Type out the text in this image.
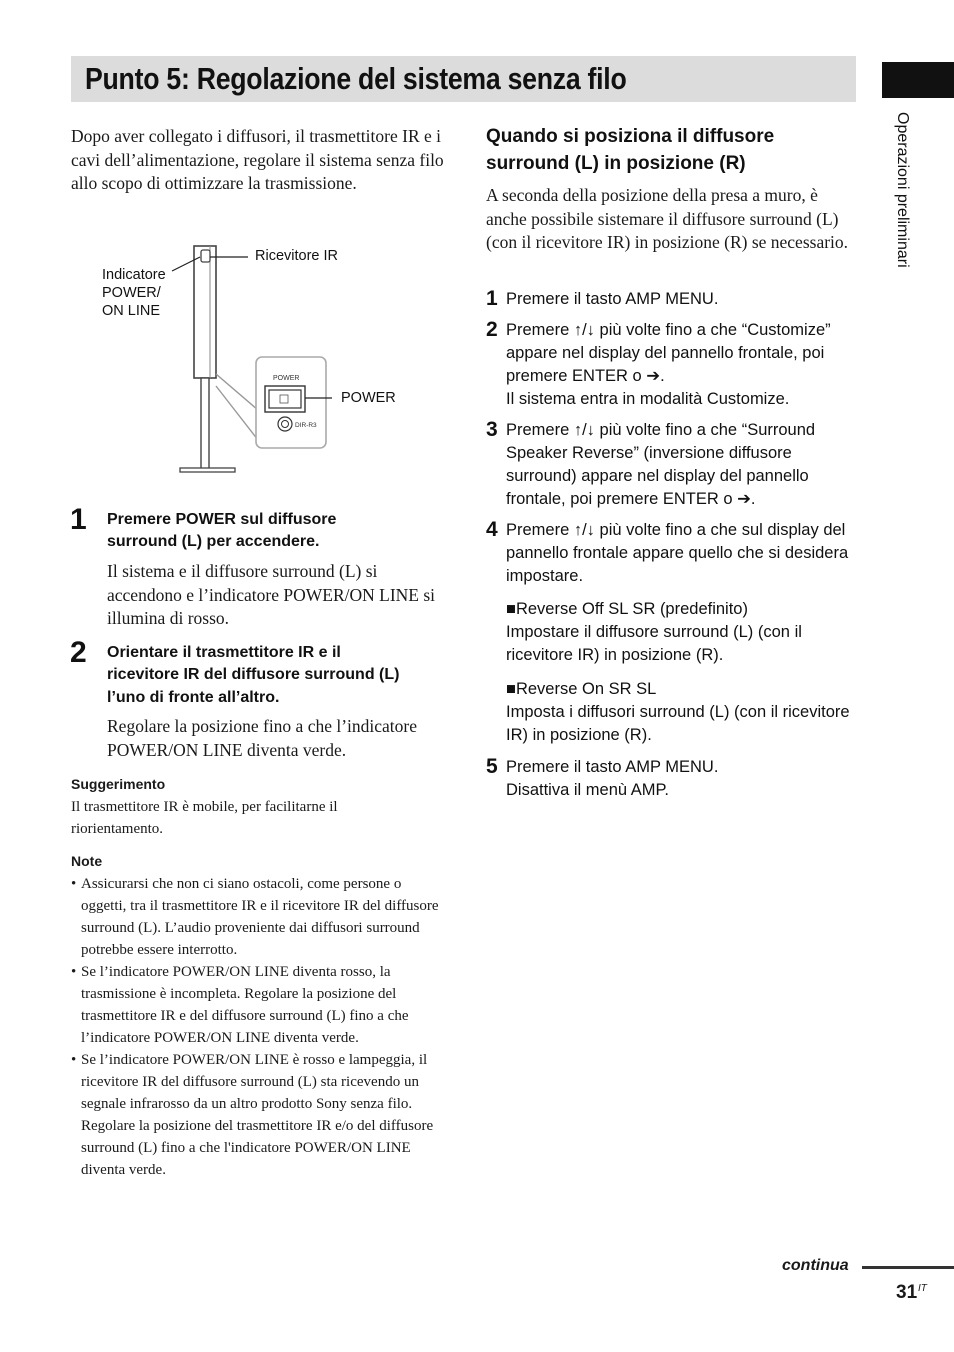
Punto 5: Regolazione del sistema senza filo
Operazioni preliminari
Dopo aver collegato i diffusori, il trasmettitore IR e i cavi dell’alimentazione, regolare il sistema senza filo allo scopo di ottimizzare la trasmissione.
POWER
DIR-R3
Ricevitore IR
Indicatore
POWER/
ON LINE
POWER
1 Premere POWER sul diffusore
surround (L) per accendere.
Il sistema e il diffusore surround (L) si accendono e l’indicatore POWER/ON LINE si illumina di rosso.
2 Orientare il trasmettitore IR e il
ricevitore IR del diffusore surround (L)
l’uno di fronte all’altro.
Regolare la posizione fino a che l’indicatore POWER/ON LINE diventa verde.
Suggerimento
Il trasmettitore IR è mobile, per facilitarne il riorientamento.
Note
• Assicurarsi che non ci siano ostacoli, come persone o oggetti, tra il trasmettitore IR e il ricevitore IR del diffusore surround (L). L’audio proveniente dai diffusori surround potrebbe essere interrotto.
• Se l’indicatore POWER/ON LINE diventa rosso, la trasmissione è incompleta. Regolare la posizione del trasmettitore IR e del diffusore surround (L) fino a che l’indicatore POWER/ON LINE diventa verde.
• Se l’indicatore POWER/ON LINE è rosso e lampeggia, il ricevitore IR del diffusore surround (L) sta ricevendo un segnale infrarosso da un altro prodotto Sony senza filo. Regolare la posizione del trasmettitore IR e/o del diffusore surround (L) fino a che l'indicatore POWER/ON LINE diventa verde.
Quando si posiziona il diffusore
surround (L) in posizione (R)
A seconda della posizione della presa a muro, è anche possibile sistemare il diffusore surround (L) (con il ricevitore IR) in posizione (R) se necessario.
1 Premere il tasto AMP MENU.
2 Premere ↑/↓ più volte fino a che “Customize” appare nel display del pannello frontale, poi premere ENTER o ➔.
Il sistema entra in modalità Customize.
3 Premere ↑/↓ più volte fino a che “Surround Speaker Reverse” (inversione diffusore surround) appare nel display del pannello frontale, poi premere ENTER o ➔.
4 Premere ↑/↓ più volte fino a che sul display del pannello frontale appare quello che si desidera impostare.
■Reverse Off SL SR (predefinito)
Impostare il diffusore surround (L) (con il ricevitore IR) in posizione (R).
■Reverse On SR SL
Imposta i diffusori surround (L) (con il ricevitore IR) in posizione (R).
5 Premere il tasto AMP MENU.
Disattiva il menù AMP.
continua
31 IT
